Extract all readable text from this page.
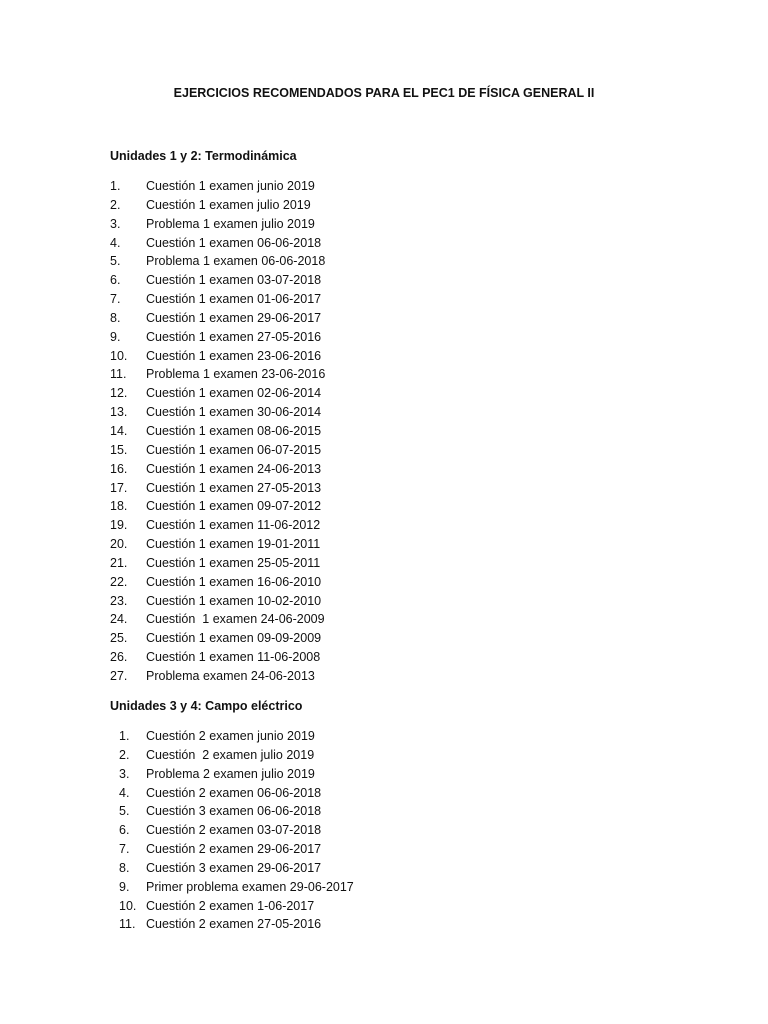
EJERCICIOS RECOMENDADOS PARA EL PEC1 DE FÍSICA GENERAL II
Unidades 1 y 2: Termodinámica
1. Cuestión 1 examen junio 2019
2. Cuestión 1 examen julio 2019
3. Problema 1 examen julio 2019
4. Cuestión 1 examen 06-06-2018
5. Problema 1 examen 06-06-2018
6. Cuestión 1 examen 03-07-2018
7. Cuestión 1 examen 01-06-2017
8. Cuestión 1 examen 29-06-2017
9. Cuestión 1 examen 27-05-2016
10. Cuestión 1 examen 23-06-2016
11. Problema 1 examen 23-06-2016
12. Cuestión 1 examen 02-06-2014
13. Cuestión 1 examen 30-06-2014
14. Cuestión 1 examen 08-06-2015
15. Cuestión 1 examen 06-07-2015
16. Cuestión 1 examen 24-06-2013
17. Cuestión 1 examen 27-05-2013
18. Cuestión 1 examen 09-07-2012
19. Cuestión 1 examen 11-06-2012
20. Cuestión 1 examen 19-01-2011
21. Cuestión 1 examen 25-05-2011
22. Cuestión 1 examen 16-06-2010
23. Cuestión 1 examen 10-02-2010
24. Cuestión  1 examen 24-06-2009
25. Cuestión 1 examen 09-09-2009
26. Cuestión 1 examen 11-06-2008
27. Problema examen 24-06-2013
Unidades 3 y 4: Campo eléctrico
1. Cuestión 2 examen junio 2019
2. Cuestión  2 examen julio 2019
3. Problema 2 examen julio 2019
4. Cuestión 2 examen 06-06-2018
5. Cuestión 3 examen 06-06-2018
6. Cuestión 2 examen 03-07-2018
7. Cuestión 2 examen 29-06-2017
8. Cuestión 3 examen 29-06-2017
9. Primer problema examen 29-06-2017
10. Cuestión 2 examen 1-06-2017
11. Cuestión 2 examen 27-05-2016
